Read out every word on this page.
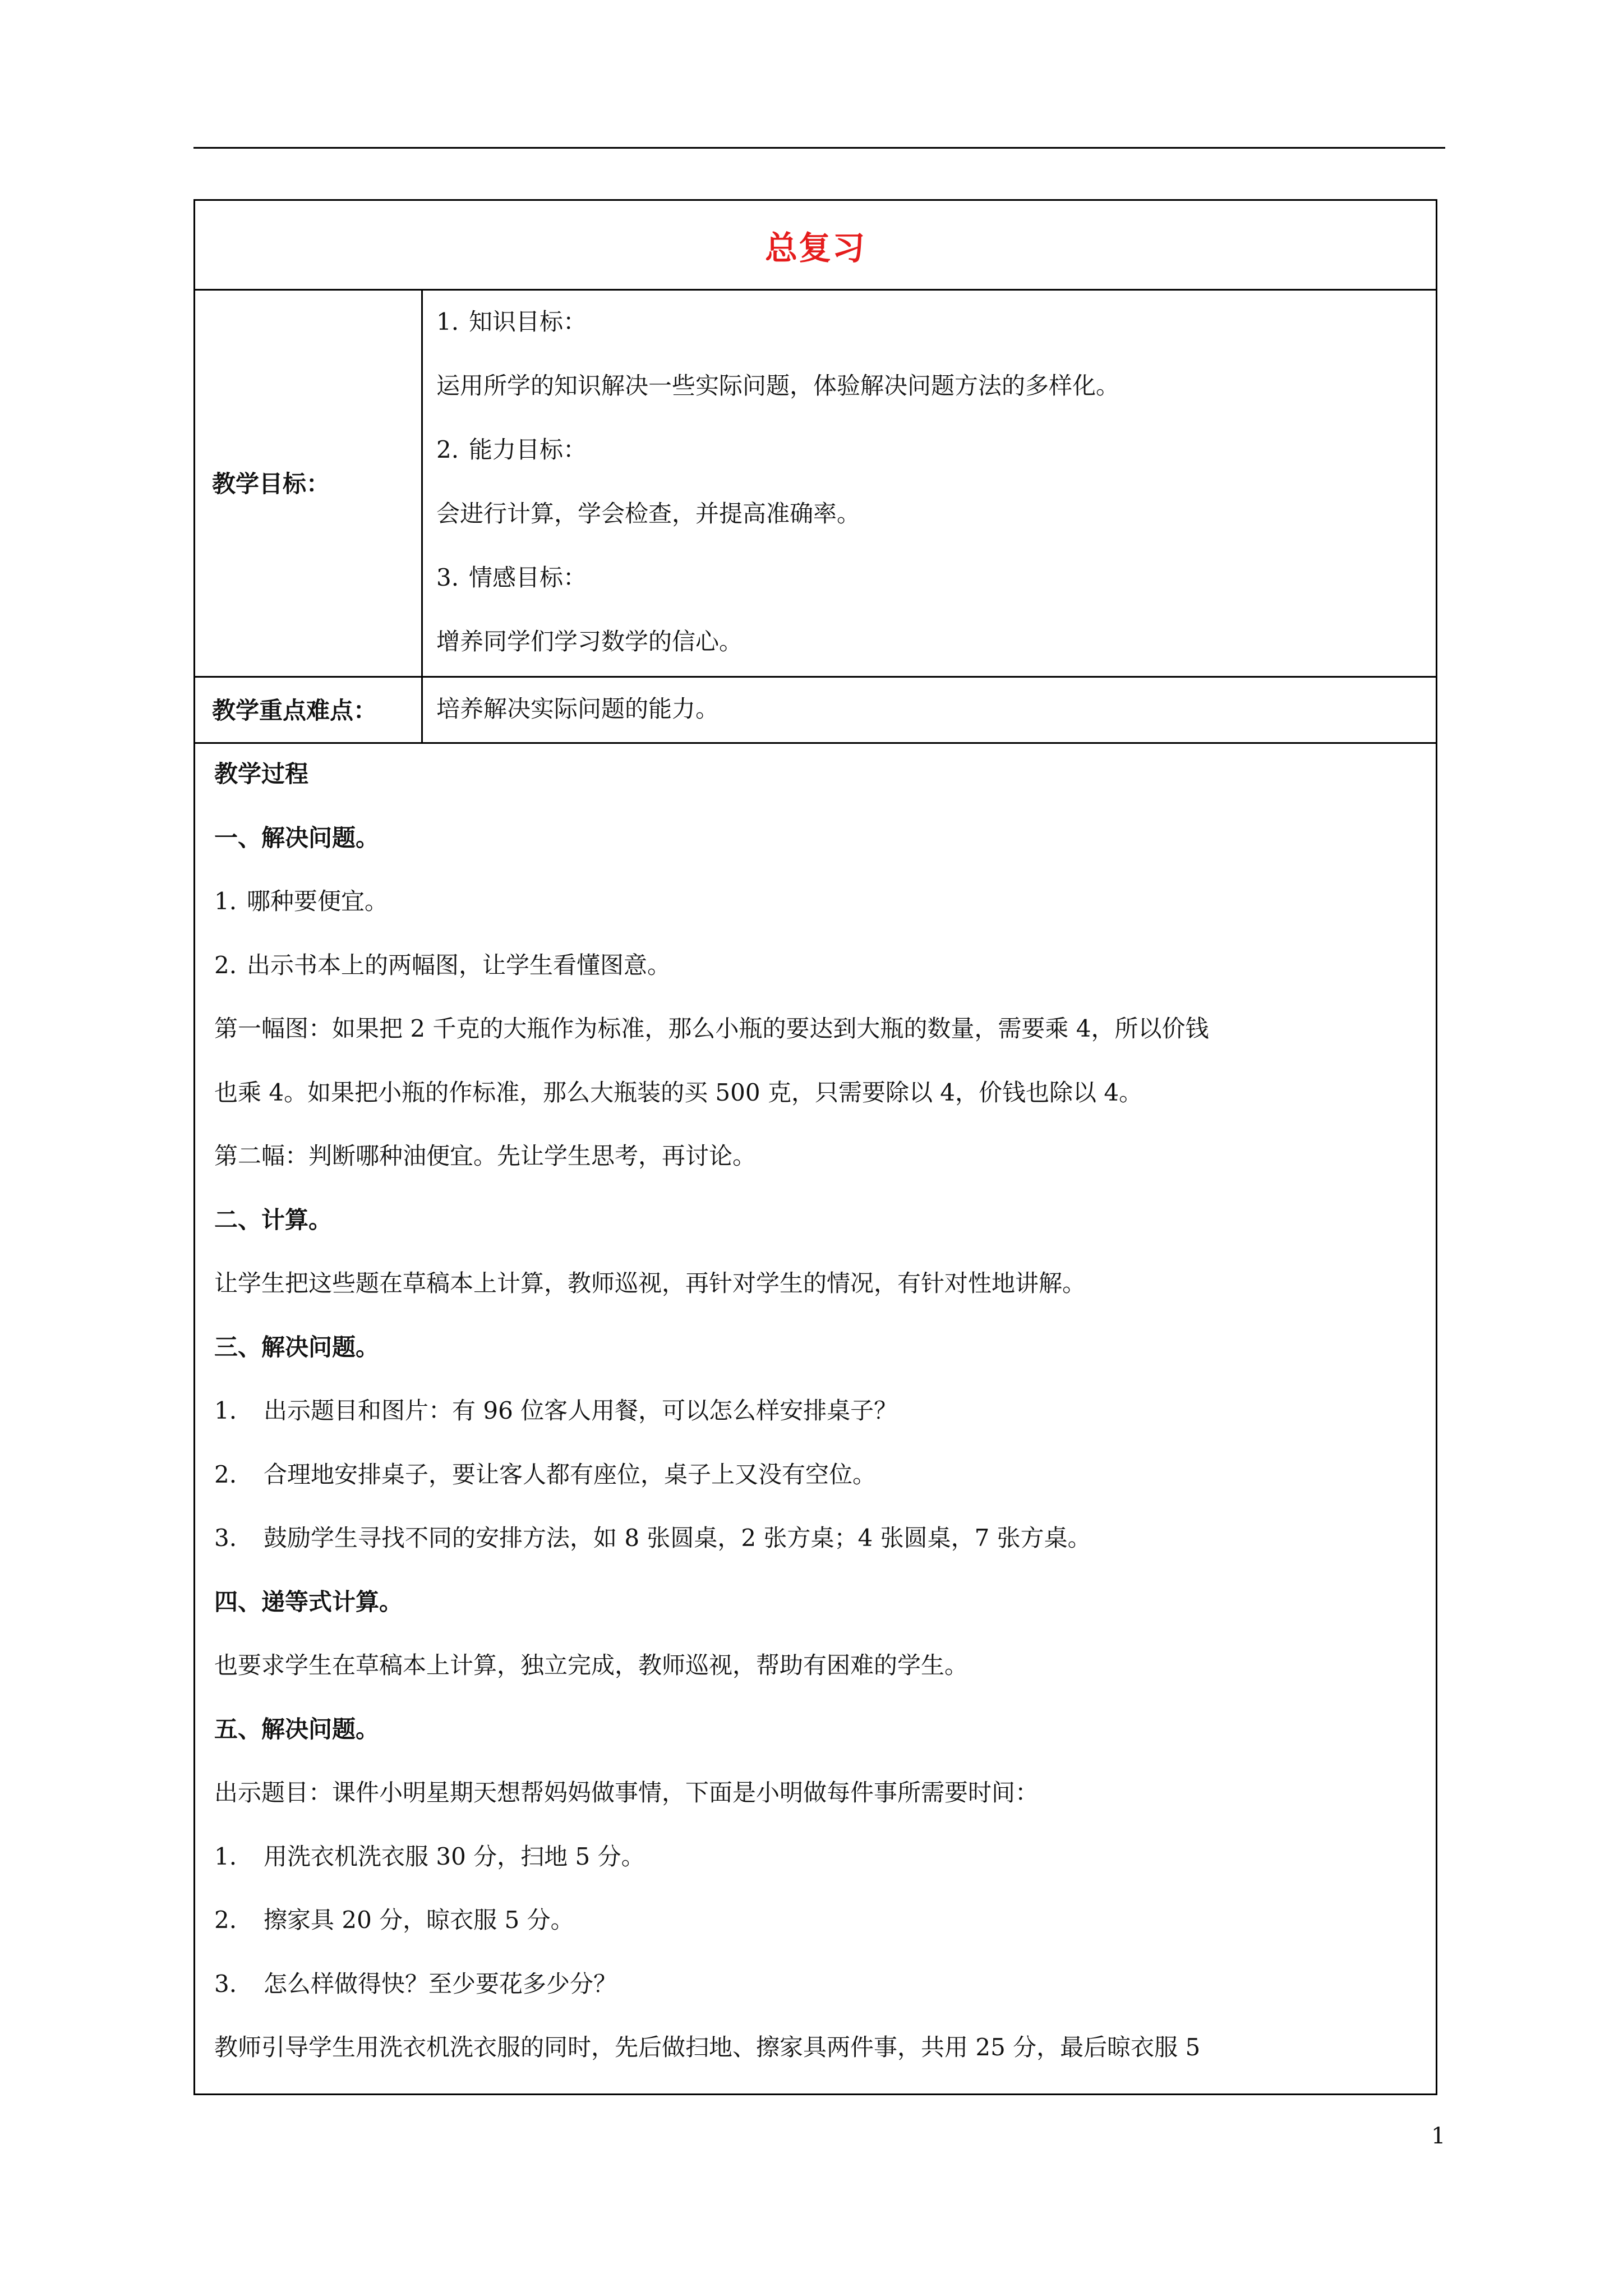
总复习
教学目标：
1. 知识目标：
运用所学的知识解决一些实际问题，体验解决问题方法的多样化。
2. 能力目标：
会进行计算，学会检查，并提高准确率。
3. 情感目标：
增养同学们学习数学的信心。
教学重点难点：	培养解决实际问题的能力。
教学过程
一、解决问题。
1. 哪种要便宜。
2. 出示书本上的两幅图，让学生看懂图意。
第一幅图：如果把 2 千克的大瓶作为标准，那么小瓶的要达到大瓶的数量，需要乘 4，所以价钱
也乘 4。如果把小瓶的作标准，那么大瓶装的买 500 克，只需要除以 4，价钱也除以 4。
第二幅：判断哪种油便宜。先让学生思考，再讨论。
二、计算。
让学生把这些题在草稿本上计算，教师巡视，再针对学生的情况，有针对性地讲解。
三、解决问题。
1. 出示题目和图片：有 96 位客人用餐，可以怎么样安排桌子？
2. 合理地安排桌子，要让客人都有座位，桌子上又没有空位。
3. 鼓励学生寻找不同的安排方法，如 8 张圆桌，2 张方桌；4 张圆桌，7 张方桌。
四、递等式计算。
也要求学生在草稿本上计算，独立完成，教师巡视，帮助有困难的学生。
五、解决问题。
出示题目：课件小明星期天想帮妈妈做事情，下面是小明做每件事所需要时间：
1. 用洗衣机洗衣服 30 分，扫地 5 分。
2. 擦家具 20 分，晾衣服 5 分。
3. 怎么样做得快？至少要花多少分？
教师引导学生用洗衣机洗衣服的同时，先后做扫地、擦家具两件事，共用 25 分，最后晾衣服 5
1
